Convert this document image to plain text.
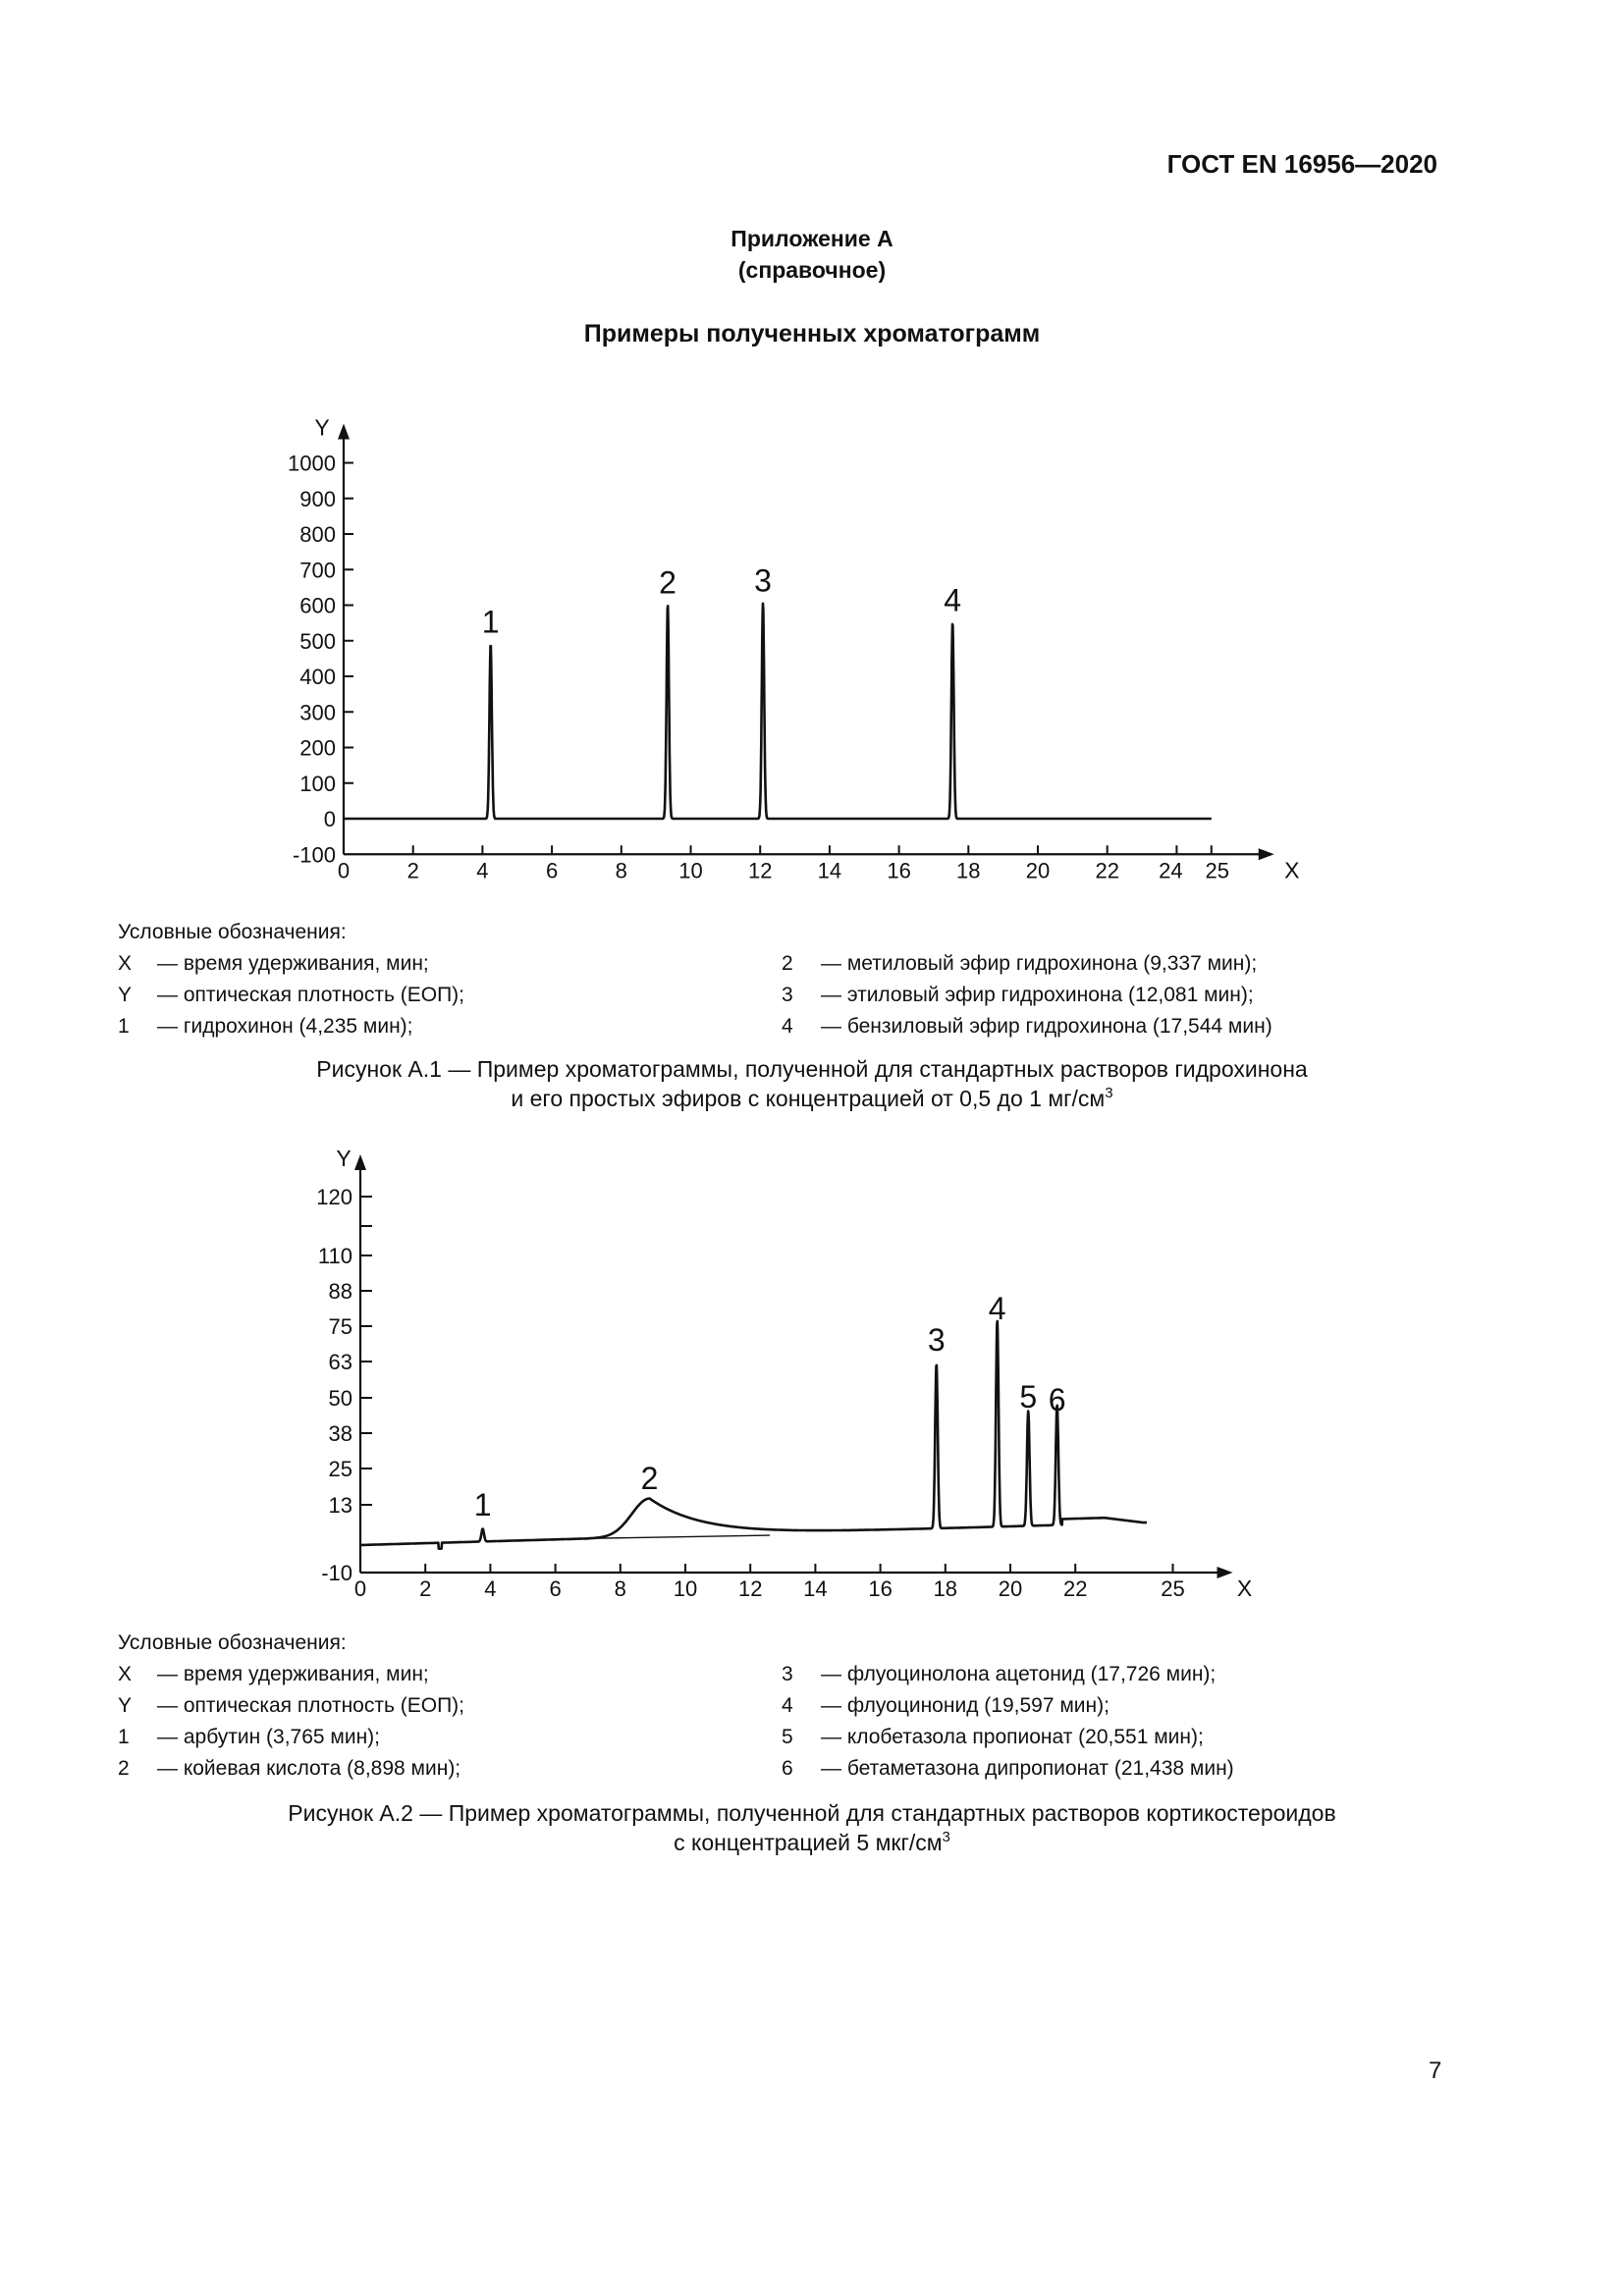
ГОСТ EN 16956—2020
Приложение А
(справочное)
Примеры полученных хроматограмм
Y
X
-100
0
100
200
300
400
500
600
700
800
900
1000
0	2	4	6	8 10 12 14 16 18 20 22 24 25
1
2 3
4
Условные обозначения:
X — время удерживания, мин;
Y — оптическая плотность (ЕОП);
1 — гидрохинон (4,235 мин);
2 — метиловый эфир гидрохинона (9,337 мин);
3 — этиловый эфир гидрохинона (12,081 мин);
4 — бензиловый эфир гидрохинона (17,544 мин)
Рисунок А.1 — Пример хроматограммы, полученной для стандартных растворов гидрохинона
и его простых эфиров с концентрацией от 0,5 до 1 $мг/см^3$
Y
X
-10
13
25
38
50
63
75
88
110
120
0 2 4 6 8 10 12 14 16 18 20 22	25
1
2
3
4
5 6
Условные обозначения:
X — время удерживания, мин;
Y — оптическая плотность (ЕОП);
1 — арбутин (3,765 мин);
2 — койевая кислота (8,898 мин);
3 — флуоцинолона ацетонид (17,726 мин);
4 — флуоцинонид (19,597 мин);
5 — клобетазола пропионат (20,551 мин);
6 — бетаметазона дипропионат (21,438 мин)
Рисунок А.2 — Пример хроматограммы, полученной для стандартных растворов кортикостероидов
с концентрацией 5 мкг/$см^3$
7
